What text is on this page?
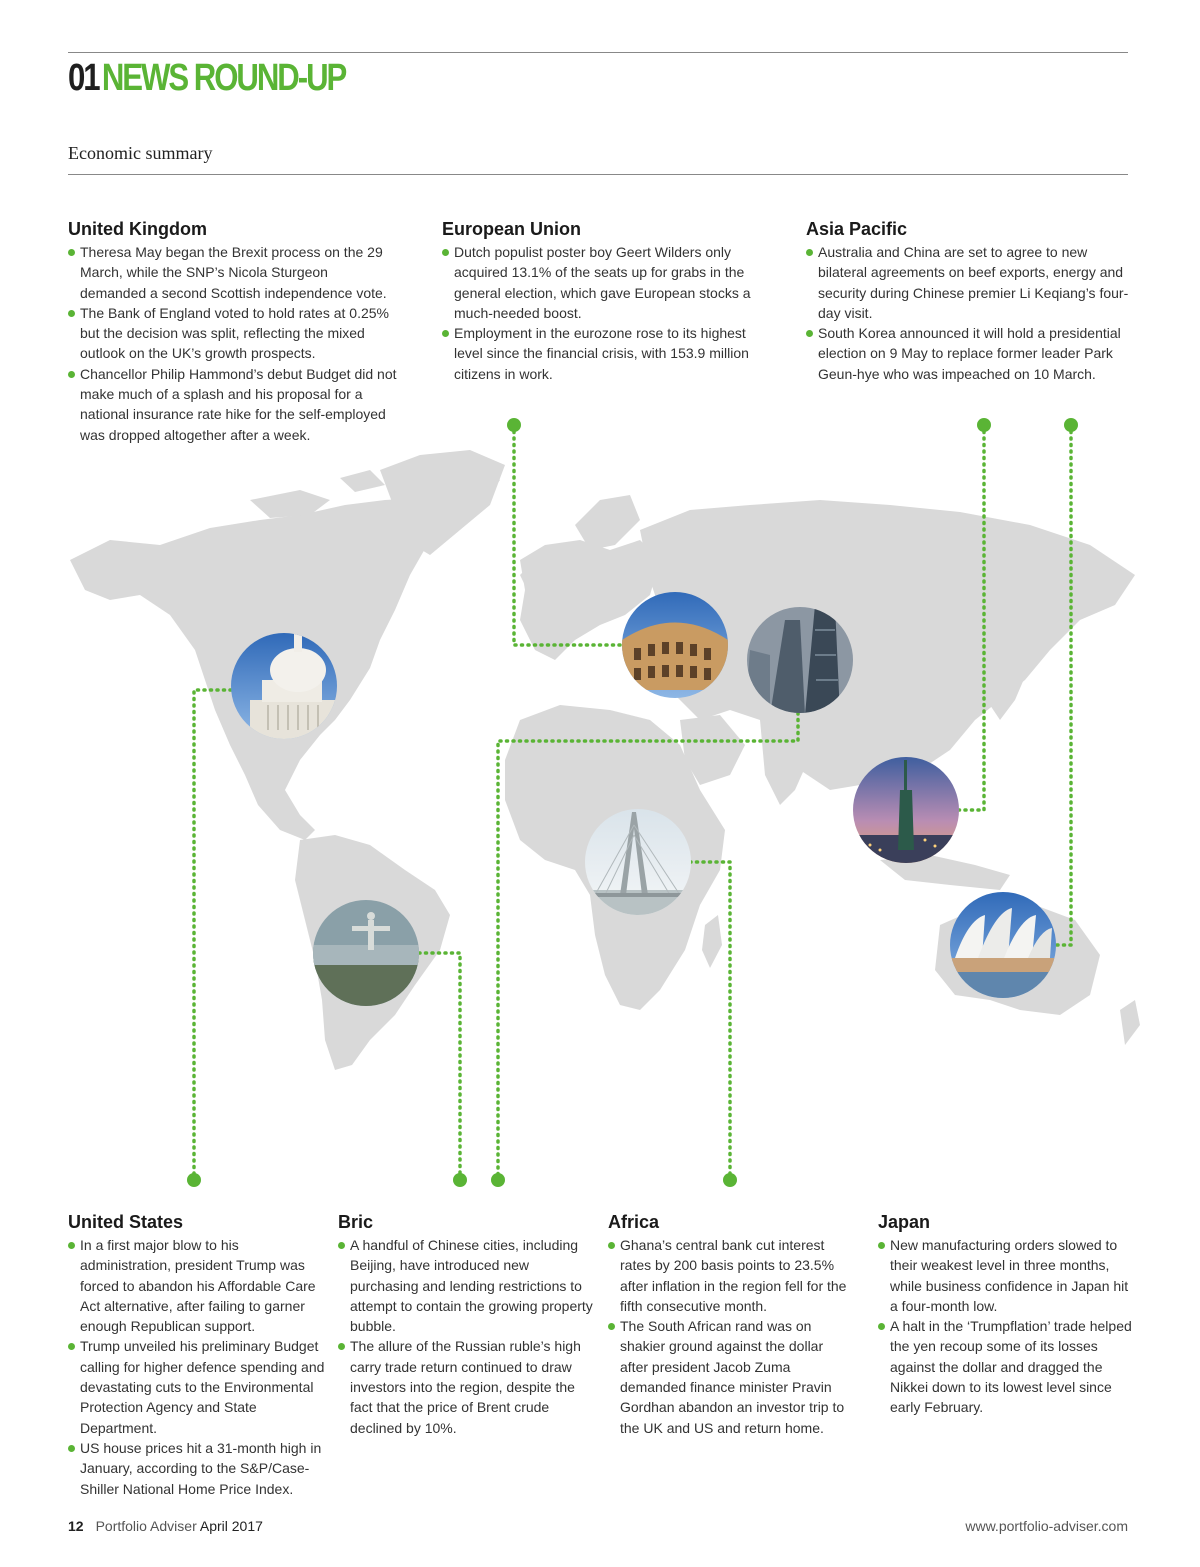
01NEWS ROUND-UP
Economic summary
United Kingdom
Theresa May began the Brexit process on the 29 March, while the SNP’s Nicola Sturgeon demanded a second Scottish independence vote.
The Bank of England voted to hold rates at 0.25% but the decision was split, reflecting the mixed outlook on the UK’s growth prospects.
Chancellor Philip Hammond’s debut Budget did not make much of a splash and his proposal for a national insurance rate hike for the self-employed was dropped altogether after a week.
European Union
Dutch populist poster boy Geert Wilders only acquired 13.1% of the seats up for grabs in the general election, which gave European stocks a much-needed boost.
Employment in the eurozone rose to its highest level since the financial crisis, with 153.9 million citizens in work.
Asia Pacific
Australia and China are set to agree to new bilateral agreements on beef exports, energy and security during Chinese premier Li Keqiang’s four-day visit.
South Korea announced it will hold a presidential election on 9 May to replace former leader Park Geun-hye who was impeached on 10 March.
United States
In a first major blow to his administration, president Trump was forced to abandon his Affordable Care Act alternative, after failing to garner enough Republican support.
Trump unveiled his preliminary Budget calling for higher defence spending and devastating cuts to the Environmental Protection Agency and State Department.
US house prices hit a 31-month high in January, according to the S&P/Case-Shiller National Home Price Index.
Bric
A handful of Chinese cities, including Beijing, have introduced new purchasing and lending restrictions to attempt to contain the growing property bubble.
The allure of the Russian ruble’s high carry trade return continued to draw investors into the region, despite the fact that the price of Brent crude declined by 10%.
Africa
Ghana’s central bank cut interest rates by 200 basis points to 23.5% after inflation in the region fell for the fifth consecutive month.
The South African rand was on shakier ground against the dollar after president Jacob Zuma demanded finance minister Pravin Gordhan abandon an investor trip to the UK and US and return home.
Japan
New manufacturing orders slowed to their weakest level in three months, while business confidence in Japan hit a four-month low.
A halt in the ‘Trumpflation’ trade helped the yen recoup some of its losses against the dollar and dragged the Nikkei down to its lowest level since early February.
12 Portfolio Adviser April 2017	www.portfolio-adviser.com
